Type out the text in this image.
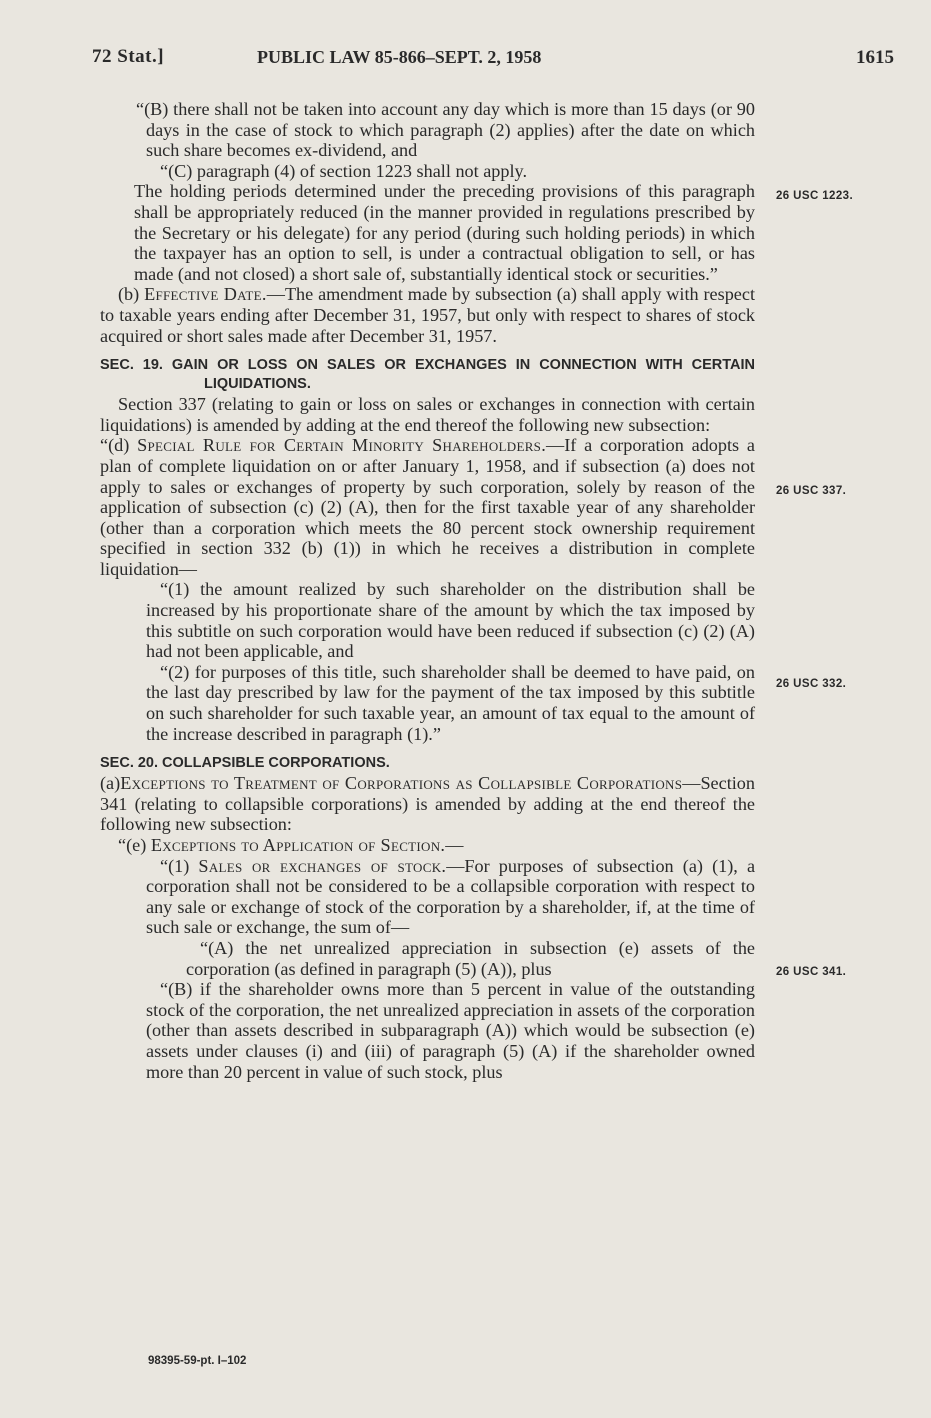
72 Stat.]	PUBLIC LAW 85-866–SEPT. 2, 1958	1615
26 USC 1223.
26 USC 337.
26 USC 332.
26 USC 341.

“(B) there shall not be taken into account any day which is more than 15 days (or 90 days in the case of stock to which paragraph (2) applies) after the date on which such share becomes ex-dividend, and

“(C) paragraph (4) of section 1223 shall not apply.

The holding periods determined under the preceding provisions of this paragraph shall be appropriately reduced (in the manner provided in regulations prescribed by the Secretary or his delegate) for any period (during such holding periods) in which the taxpayer has an option to sell, is under a contractual obligation to sell, or has made (and not closed) a short sale of, substantially identical stock or securities.”

(b) Effective Date.—The amendment made by subsection (a) shall apply with respect to taxable years ending after December 31, 1957, but only with respect to shares of stock acquired or short sales made after December 31, 1957.

SEC. 19. GAIN OR LOSS ON SALES OR EXCHANGES IN CONNECTION WITH CERTAIN LIQUIDATIONS.

Section 337 (relating to gain or loss on sales or exchanges in connection with certain liquidations) is amended by adding at the end thereof the following new subsection:

“(d) Special Rule for Certain Minority Shareholders.—If a corporation adopts a plan of complete liquidation on or after January 1, 1958, and if subsection (a) does not apply to sales or exchanges of property by such corporation, solely by reason of the application of subsection (c) (2) (A), then for the first taxable year of any shareholder (other than a corporation which meets the 80 percent stock ownership requirement specified in section 332 (b) (1)) in which he receives a distribution in complete liquidation—

“(1) the amount realized by such shareholder on the distribution shall be increased by his proportionate share of the amount by which the tax imposed by this subtitle on such corporation would have been reduced if subsection (c) (2) (A) had not been applicable, and

“(2) for purposes of this title, such shareholder shall be deemed to have paid, on the last day prescribed by law for the payment of the tax imposed by this subtitle on such shareholder for such taxable year, an amount of tax equal to the amount of the increase described in paragraph (1).”

SEC. 20. COLLAPSIBLE CORPORATIONS.

(a)Exceptions to Treatment of Corporations as Collapsible Corporations—Section 341 (relating to collapsible corporations) is amended by adding at the end thereof the following new subsection:

“(e) Exceptions to Application of Section.—

“(1) Sales or exchanges of stock.—For purposes of subsection (a) (1), a corporation shall not be considered to be a collapsible corporation with respect to any sale or exchange of stock of the corporation by a shareholder, if, at the time of such sale or exchange, the sum of—

“(A) the net unrealized appreciation in subsection (e) assets of the corporation (as defined in paragraph (5) (A)), plus

“(B) if the shareholder owns more than 5 percent in value of the outstanding stock of the corporation, the net unrealized appreciation in assets of the corporation (other than assets described in subparagraph (A)) which would be subsection (e) assets under clauses (i) and (iii) of paragraph (5) (A) if the shareholder owned more than 20 percent in value of such stock, plus

98395-59-pt. I–102
